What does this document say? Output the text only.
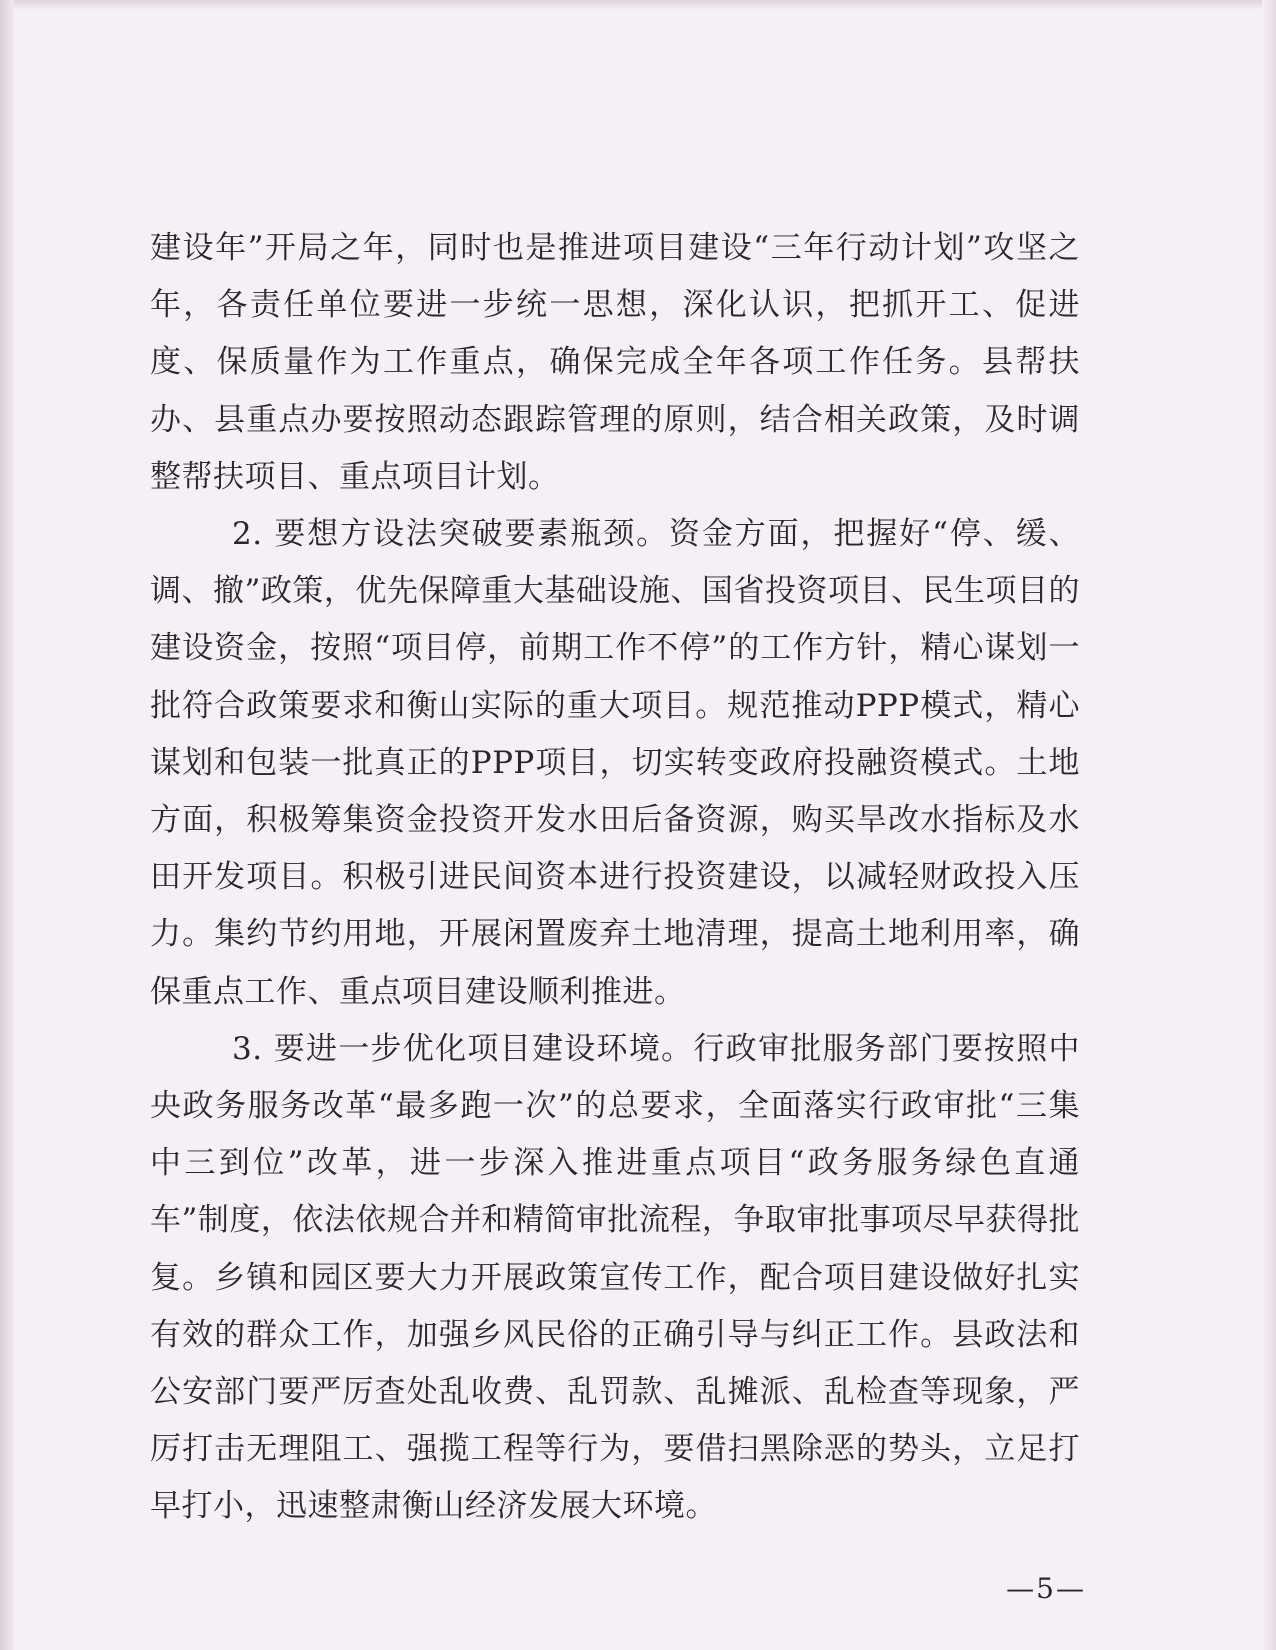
建设年”开局之年，同时也是推进项目建设“三年行动计划”攻坚之年，各责任单位要进一步统一思想，深化认识，把抓开工、促进度、保质量作为工作重点，确保完成全年各项工作任务。县帮扶办、县重点办要按照动态跟踪管理的原则，结合相关政策，及时调整帮扶项目、重点项目计划。

2. 要想方设法突破要素瓶颈。资金方面，把握好“停、缓、调、撤”政策，优先保障重大基础设施、国省投资项目、民生项目的建设资金，按照“项目停，前期工作不停”的工作方针，精心谋划一批符合政策要求和衡山实际的重大项目。规范推动PPP模式，精心谋划和包装一批真正的PPP项目，切实转变政府投融资模式。土地方面，积极筹集资金投资开发水田后备资源，购买旱改水指标及水田开发项目。积极引进民间资本进行投资建设，以减轻财政投入压力。集约节约用地，开展闲置废弃土地清理，提高土地利用率，确保重点工作、重点项目建设顺利推进。

3. 要进一步优化项目建设环境。行政审批服务部门要按照中央政务服务改革“最多跑一次”的总要求，全面落实行政审批“三集中三到位”改革，进一步深入推进重点项目“政务服务绿色直通车”制度，依法依规合并和精简审批流程，争取审批事项尽早获得批复。乡镇和园区要大力开展政策宣传工作，配合项目建设做好扎实有效的群众工作，加强乡风民俗的正确引导与纠正工作。县政法和公安部门要严厉查处乱收费、乱罚款、乱摊派、乱检查等现象，严厉打击无理阻工、强揽工程等行为，要借扫黑除恶的势头，立足打早打小，迅速整肃衡山经济发展大环境。

—5—
